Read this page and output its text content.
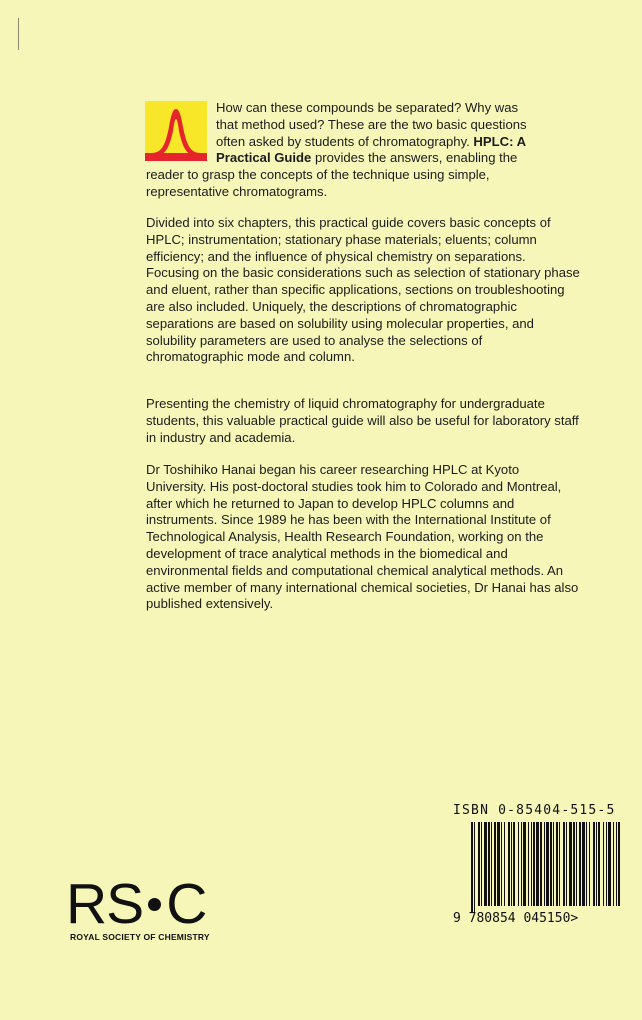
How can these compounds be separated? Why was
that method used? These are the two basic questions
often asked by students of chromatography. HPLC: A
Practical Guide provides the answers, enabling the
reader to grasp the concepts of the technique using simple,
representative chromatograms.

Divided into six chapters, this practical guide covers basic concepts of HPLC; instrumentation; stationary phase materials; eluents; column efficiency; and the influence of physical chemistry on separations. Focusing on the basic considerations such as selection of stationary phase and eluent, rather than specific applications, sections on troubleshooting are also included. Uniquely, the descriptions of chromatographic separations are based on solubility using molecular properties, and solubility parameters are used to analyse the selections of chromatographic mode and column.

Presenting the chemistry of liquid chromatography for undergraduate students, this valuable practical guide will also be useful for laboratory staff in industry and academia.

Dr Toshihiko Hanai began his career researching HPLC at Kyoto University. His post-doctoral studies took him to Colorado and Montreal, after which he returned to Japan to develop HPLC columns and instruments. Since 1989 he has been with the International Institute of Technological Analysis, Health Research Foundation, working on the development of trace analytical methods in the biomedical and environmental fields and computational chemical analytical methods. An active member of many international chemical societies, Dr Hanai has also published extensively.

ISBN 0-85404-515-5
9 780854 045150>
RS C
ROYAL SOCIETY OF CHEMISTRY
